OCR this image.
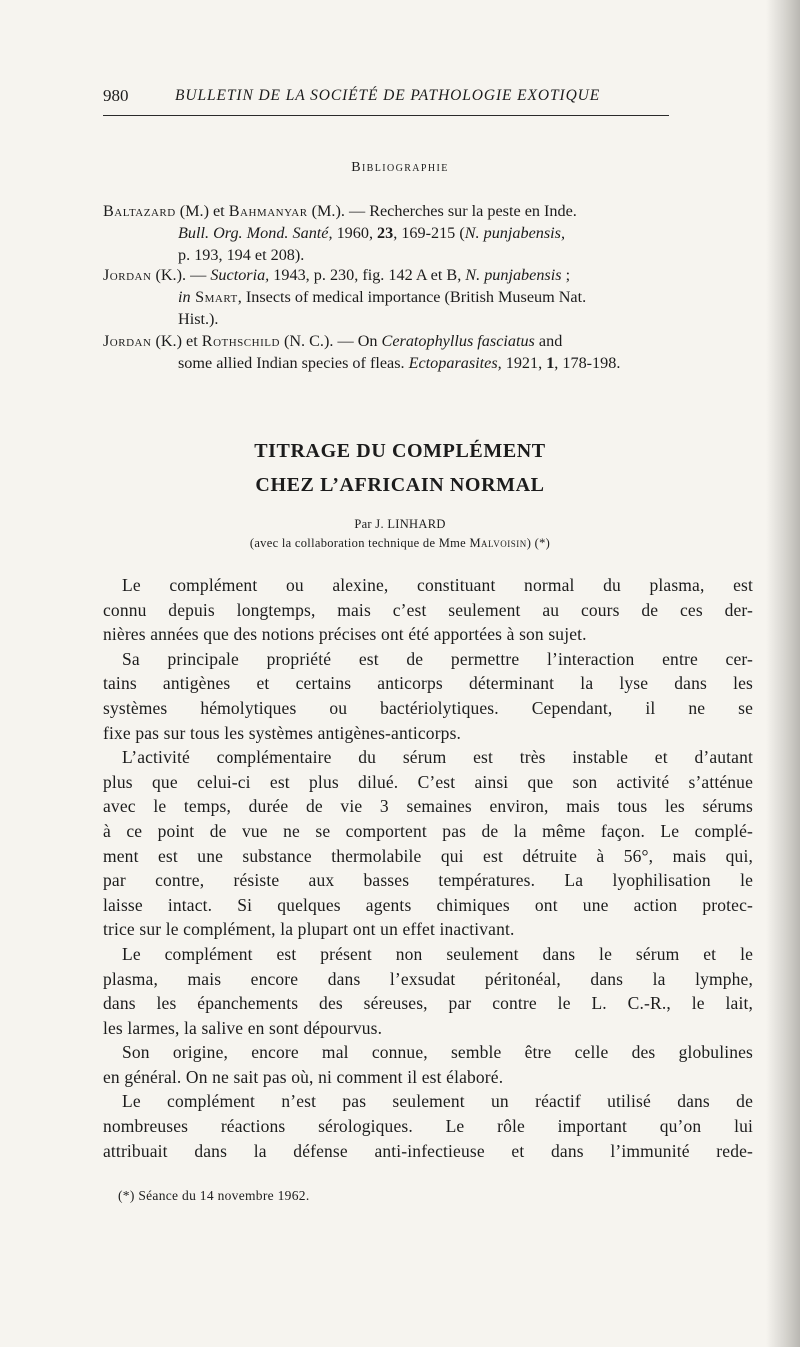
980	BULLETIN DE LA SOCIÉTÉ DE PATHOLOGIE EXOTIQUE
Bibliographie
Baltazard (M.) et Bahmanyar (M.). — Recherches sur la peste en Inde.
Bull. Org. Mond. Santé, 1960, 23, 169-215 (N. punjabensis,
p. 193, 194 et 208).
Jordan (K.). — Suctoria, 1943, p. 230, fig. 142 A et B, N. punjabensis ;
in Smart, Insects of medical importance (British Museum Nat.
Hist.).
Jordan (K.) et Rothschild (N. C.). — On Ceratophyllus fasciatus and
some allied Indian species of fleas. Ectoparasites, 1921, 1, 178-198.
TITRAGE DU COMPLÉMENT
CHEZ L’AFRICAIN NORMAL
Par J. LINHARD
(avec la collaboration technique de Mme Malvoisin) (*)
Le complément ou alexine, constituant normal du plasma, est
connu depuis longtemps, mais c’est seulement au cours de ces der-
nières années que des notions précises ont été apportées à son sujet.
Sa principale propriété est de permettre l’interaction entre cer-
tains antigènes et certains anticorps déterminant la lyse dans les
systèmes hémolytiques ou bactériolytiques. Cependant, il ne se
fixe pas sur tous les systèmes antigènes-anticorps.
L’activité complémentaire du sérum est très instable et d’autant
plus que celui-ci est plus dilué. C’est ainsi que son activité s’atténue
avec le temps, durée de vie 3 semaines environ, mais tous les sérums
à ce point de vue ne se comportent pas de la même façon. Le complé-
ment est une substance thermolabile qui est détruite à 56°, mais qui,
par contre, résiste aux basses températures. La lyophilisation le
laisse intact. Si quelques agents chimiques ont une action protec-
trice sur le complément, la plupart ont un effet inactivant.
Le complément est présent non seulement dans le sérum et le
plasma, mais encore dans l’exsudat péritonéal, dans la lymphe,
dans les épanchements des séreuses, par contre le L. C.-R., le lait,
les larmes, la salive en sont dépourvus.
Son origine, encore mal connue, semble être celle des globulines
en général. On ne sait pas où, ni comment il est élaboré.
Le complément n’est pas seulement un réactif utilisé dans de
nombreuses réactions sérologiques. Le rôle important qu’on lui
attribuait dans la défense anti-infectieuse et dans l’immunité rede-
(*) Séance du 14 novembre 1962.
